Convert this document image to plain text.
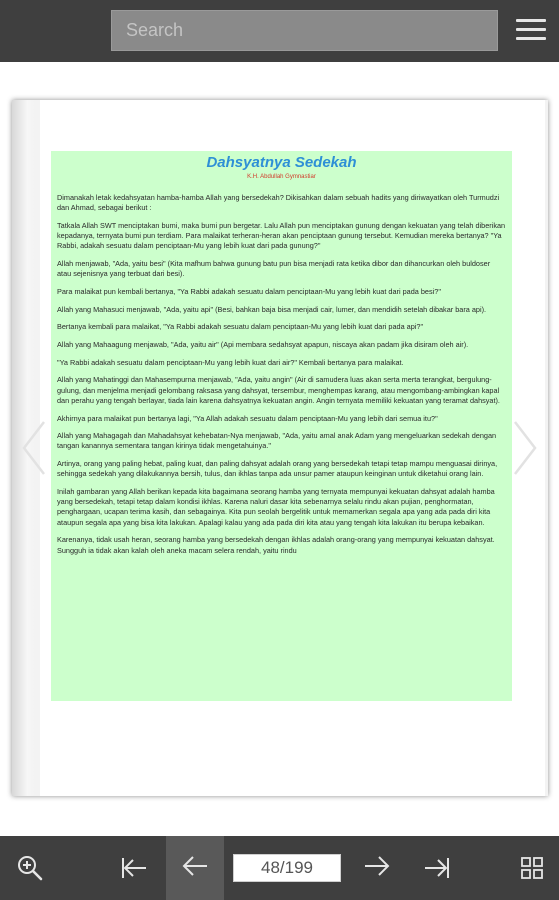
Search
Dahsyatnya Sedekah
K.H. Abdullah Gymnastiar

Dimanakah letak kedahsyatan hamba-hamba Allah yang bersedekah? Dikisahkan dalam sebuah hadits yang diriwayatkan oleh Turmudzi dan Ahmad, sebagai berikut :

Tatkala Allah SWT menciptakan bumi, maka bumi pun bergetar. Lalu Allah pun menciptakan gunung dengan kekuatan yang telah diberikan kepadanya, ternyata bumi pun terdiam. Para malaikat terheran-heran akan penciptaan gunung tersebut. Kemudian mereka bertanya? "Ya Rabbi, adakah sesuatu dalam penciptaan-Mu yang lebih kuat dari pada gunung?"

Allah menjawab, "Ada, yaitu besi" (Kita mafhum bahwa gunung batu pun bisa menjadi rata ketika dibor dan dihancurkan oleh buldoser atau sejenisnya yang terbuat dari besi).

Para malaikat pun kembali bertanya, "Ya Rabbi adakah sesuatu dalam penciptaan-Mu yang lebih kuat dari pada besi?"

Allah yang Mahasuci menjawab, "Ada, yaitu api" (Besi, bahkan baja bisa menjadi cair, lumer, dan mendidih setelah dibakar bara api).

Bertanya kembali para malaikat, "Ya Rabbi adakah sesuatu dalam penciptaan-Mu yang lebih kuat dari pada api?"

Allah yang Mahaagung menjawab, "Ada, yaitu air" (Api membara sedahsyat apapun, niscaya akan padam jika disiram oleh air).

"Ya Rabbi adakah sesuatu dalam penciptaan-Mu yang lebih kuat dari air?" Kembali bertanya para malaikat.

Allah yang Mahatinggi dan Mahasempurna menjawab, "Ada, yaitu angin" (Air di samudera luas akan serta merta terangkat, bergulung-gulung, dan menjelma menjadi gelombang raksasa yang dahsyat, tersembur, menghempas karang, atau mengombang-ambingkan kapal dan perahu yang tengah berlayar, tiada lain karena dahsyatnya kekuatan angin. Angin ternyata memiliki kekuatan yang teramat dahsyat).

Akhirnya para malaikat pun bertanya lagi, "Ya Allah adakah sesuatu dalam penciptaan-Mu yang lebih dari semua itu?"

Allah yang Mahagagah dan Mahadahsyat kehebatan-Nya menjawab, "Ada, yaitu amal anak Adam yang mengeluarkan sedekah dengan tangan kanannya sementara tangan kirinya tidak mengetahuinya."

Artinya, orang yang paling hebat, paling kuat, dan paling dahsyat adalah orang yang bersedekah tetapi tetap mampu menguasai dirinya, sehingga sedekah yang dilakukannya bersih, tulus, dan ikhlas tanpa ada unsur pamer ataupun keinginan untuk diketahui orang lain.

Inilah gambaran yang Allah berikan kepada kita bagaimana seorang hamba yang ternyata mempunyai kekuatan dahsyat adalah hamba yang bersedekah, tetapi tetap dalam kondisi ikhlas. Karena naluri dasar kita sebenarnya selalu rindu akan pujian, penghormatan, penghargaan, ucapan terima kasih, dan sebagainya. Kita pun seolah bergelitik untuk memamerkan segala apa yang ada pada diri kita ataupun segala apa yang bisa kita lakukan. Apalagi kalau yang ada pada diri kita atau yang tengah kita lakukan itu berupa kebaikan.

Karenanya, tidak usah heran, seorang hamba yang bersedekah dengan ikhlas adalah orang-orang yang mempunyai kekuatan dahsyat. Sungguh ia tidak akan kalah oleh aneka macam selera rendah, yaitu rindu

48/199
